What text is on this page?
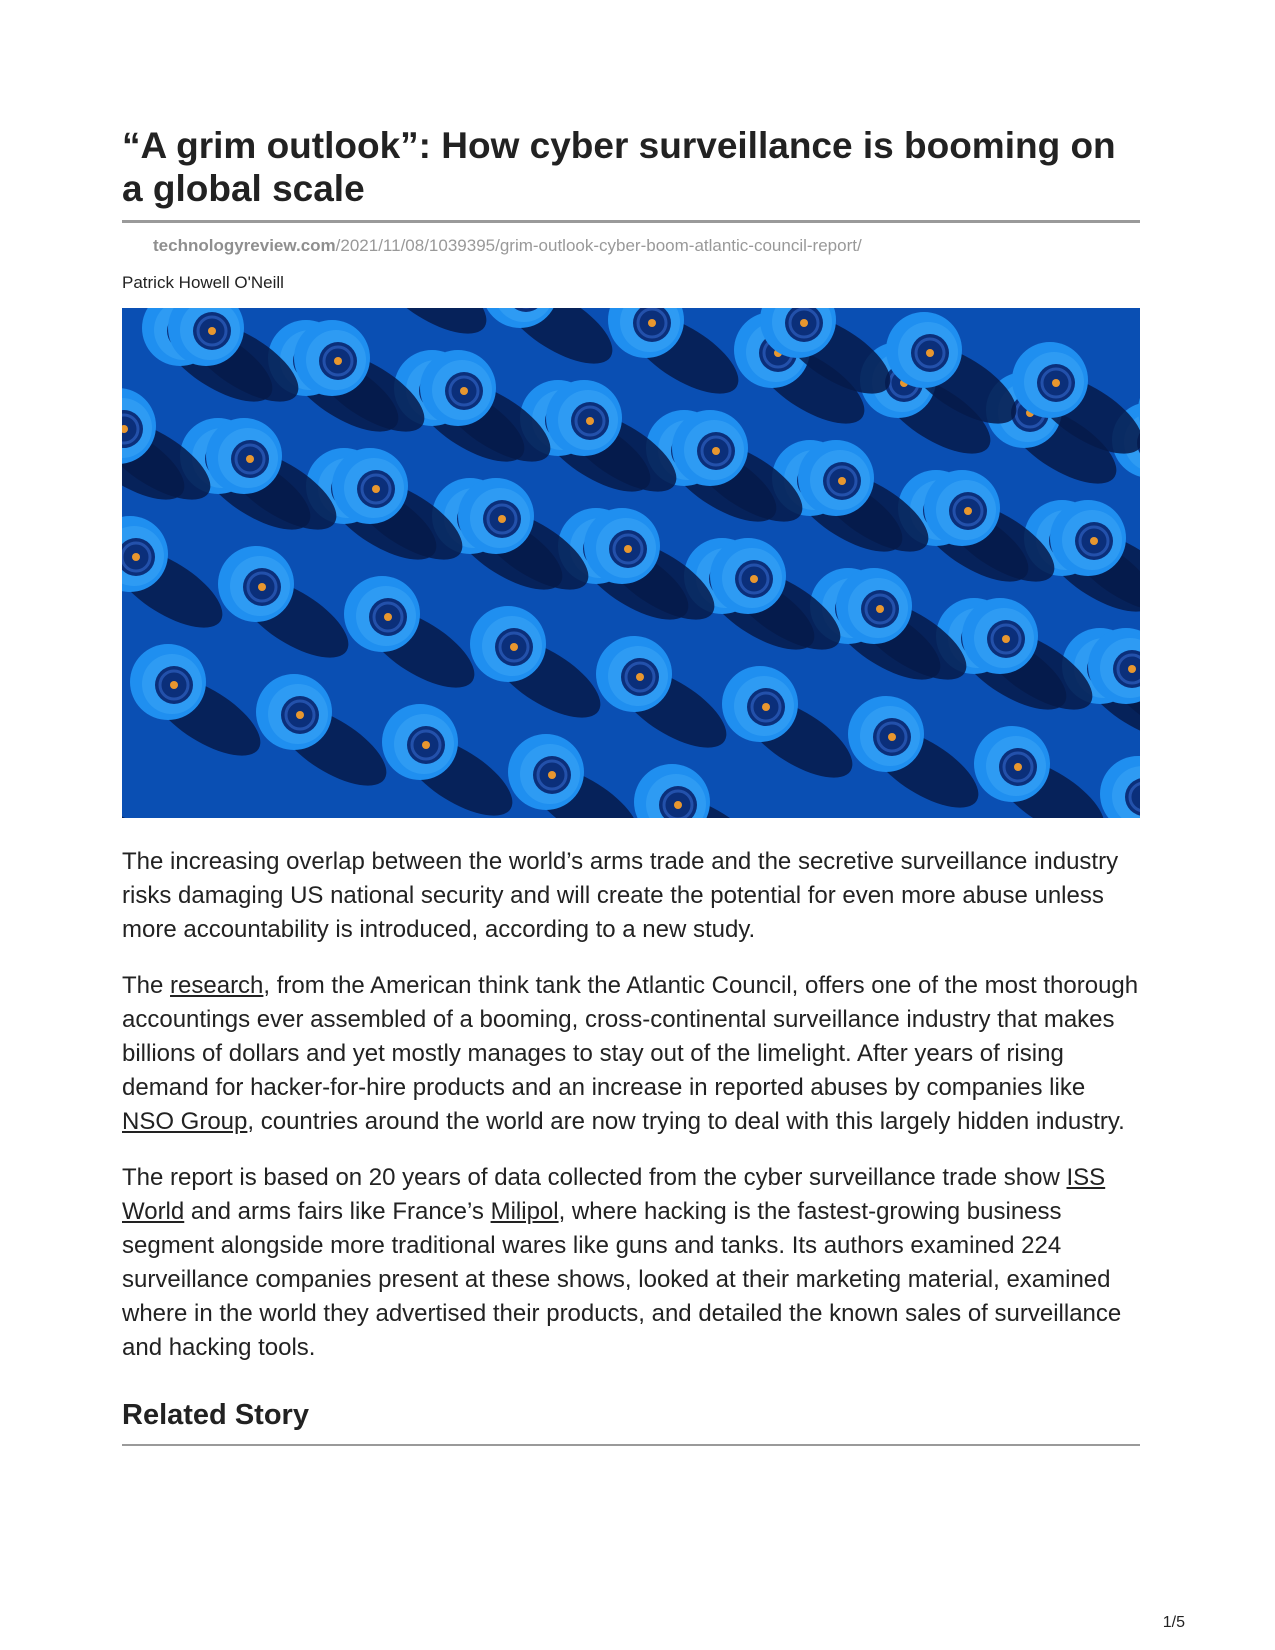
“A grim outlook”: How cyber surveillance is booming on a global scale
technologyreview.com/2021/11/08/1039395/grim-outlook-cyber-boom-atlantic-council-report/
Patrick Howell O'Neill

The increasing overlap between the world’s arms trade and the secretive surveillance industry risks damaging US national security and will create the potential for even more abuse unless more accountability is introduced, according to a new study.

The research, from the American think tank the Atlantic Council, offers one of the most thorough accountings ever assembled of a booming, cross-continental surveillance industry that makes billions of dollars and yet mostly manages to stay out of the limelight. After years of rising demand for hacker-for-hire products and an increase in reported abuses by companies like NSO Group, countries around the world are now trying to deal with this largely hidden industry.

The report is based on 20 years of data collected from the cyber surveillance trade show ISS World and arms fairs like France’s Milipol, where hacking is the fastest-growing business segment alongside more traditional wares like guns and tanks. Its authors examined 224 surveillance companies present at these shows, looked at their marketing material, examined where in the world they advertised their products, and detailed the known sales of surveillance and hacking tools.

Related Story
1/5
